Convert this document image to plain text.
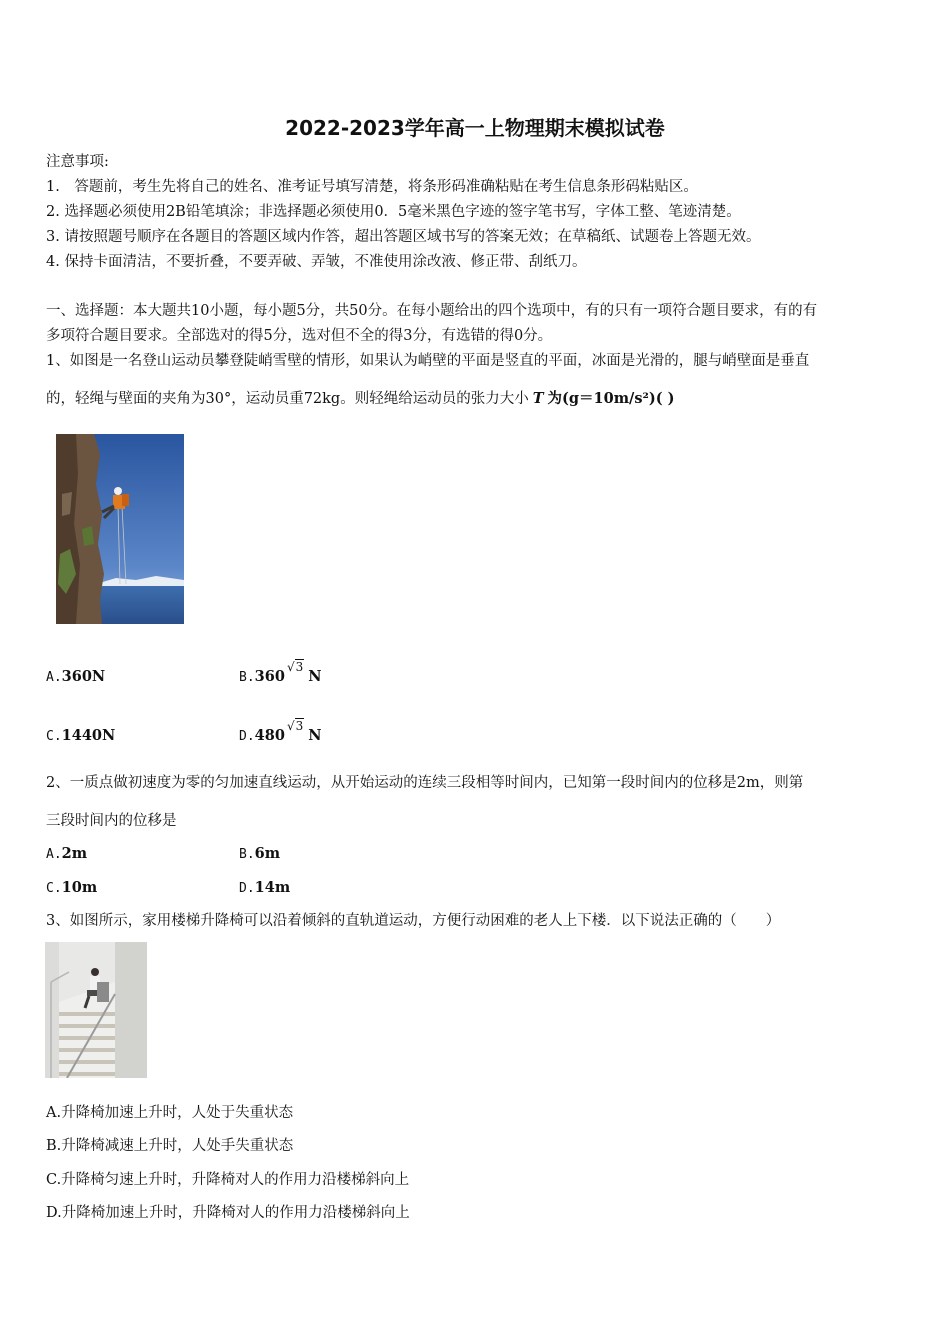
2022-2023学年高一上物理期末模拟试卷
注意事项:
1.　答题前，考生先将自己的姓名、准考证号填写清楚，将条形码准确粘贴在考生信息条形码粘贴区。
2. 选择题必须使用2B铅笔填涂；非选择题必须使用0．5毫米黑色字迹的签字笔书写，字体工整、笔迹清楚。
3. 请按照题号顺序在各题目的答题区域内作答，超出答题区域书写的答案无效；在草稿纸、试题卷上答题无效。
4. 保持卡面清洁，不要折叠，不要弄破、弄皱，不准使用涂改液、修正带、刮纸刀。
一、选择题：本大题共10小题，每小题5分，共50分。在每小题给出的四个选项中，有的只有一项符合题目要求，有的有
多项符合题目要求。全部选对的得5分，选对但不全的得3分，有选错的得0分。
1、如图是一名登山运动员攀登陡峭雪壁的情形，如果认为峭壁的平面是竖直的平面，冰面是光滑的，腿与峭壁面是垂直
的，轻绳与壁面的夹角为30°，运动员重72kg。则轻绳给运动员的张力大小 T 为(g＝10m/s²)( )
A.360N	B.360√3N
C.1440N	D.480√3N
2、一质点做初速度为零的匀加速直线运动，从开始运动的连续三段相等时间内，已知第一段时间内的位移是2m，则第
三段时间内的位移是
A.2m	B.6m
C.10m	D.14m
3、如图所示，家用楼梯升降椅可以沿着倾斜的直轨道运动，方便行动困难的老人上下楼．以下说法正确的（　　）
A.升降椅加速上升时，人处于失重状态
B.升降椅减速上升时，人处手失重状态
C.升降椅匀速上升时，升降椅对人的作用力沿楼梯斜向上
D.升降椅加速上升时，升降椅对人的作用力沿楼梯斜向上
